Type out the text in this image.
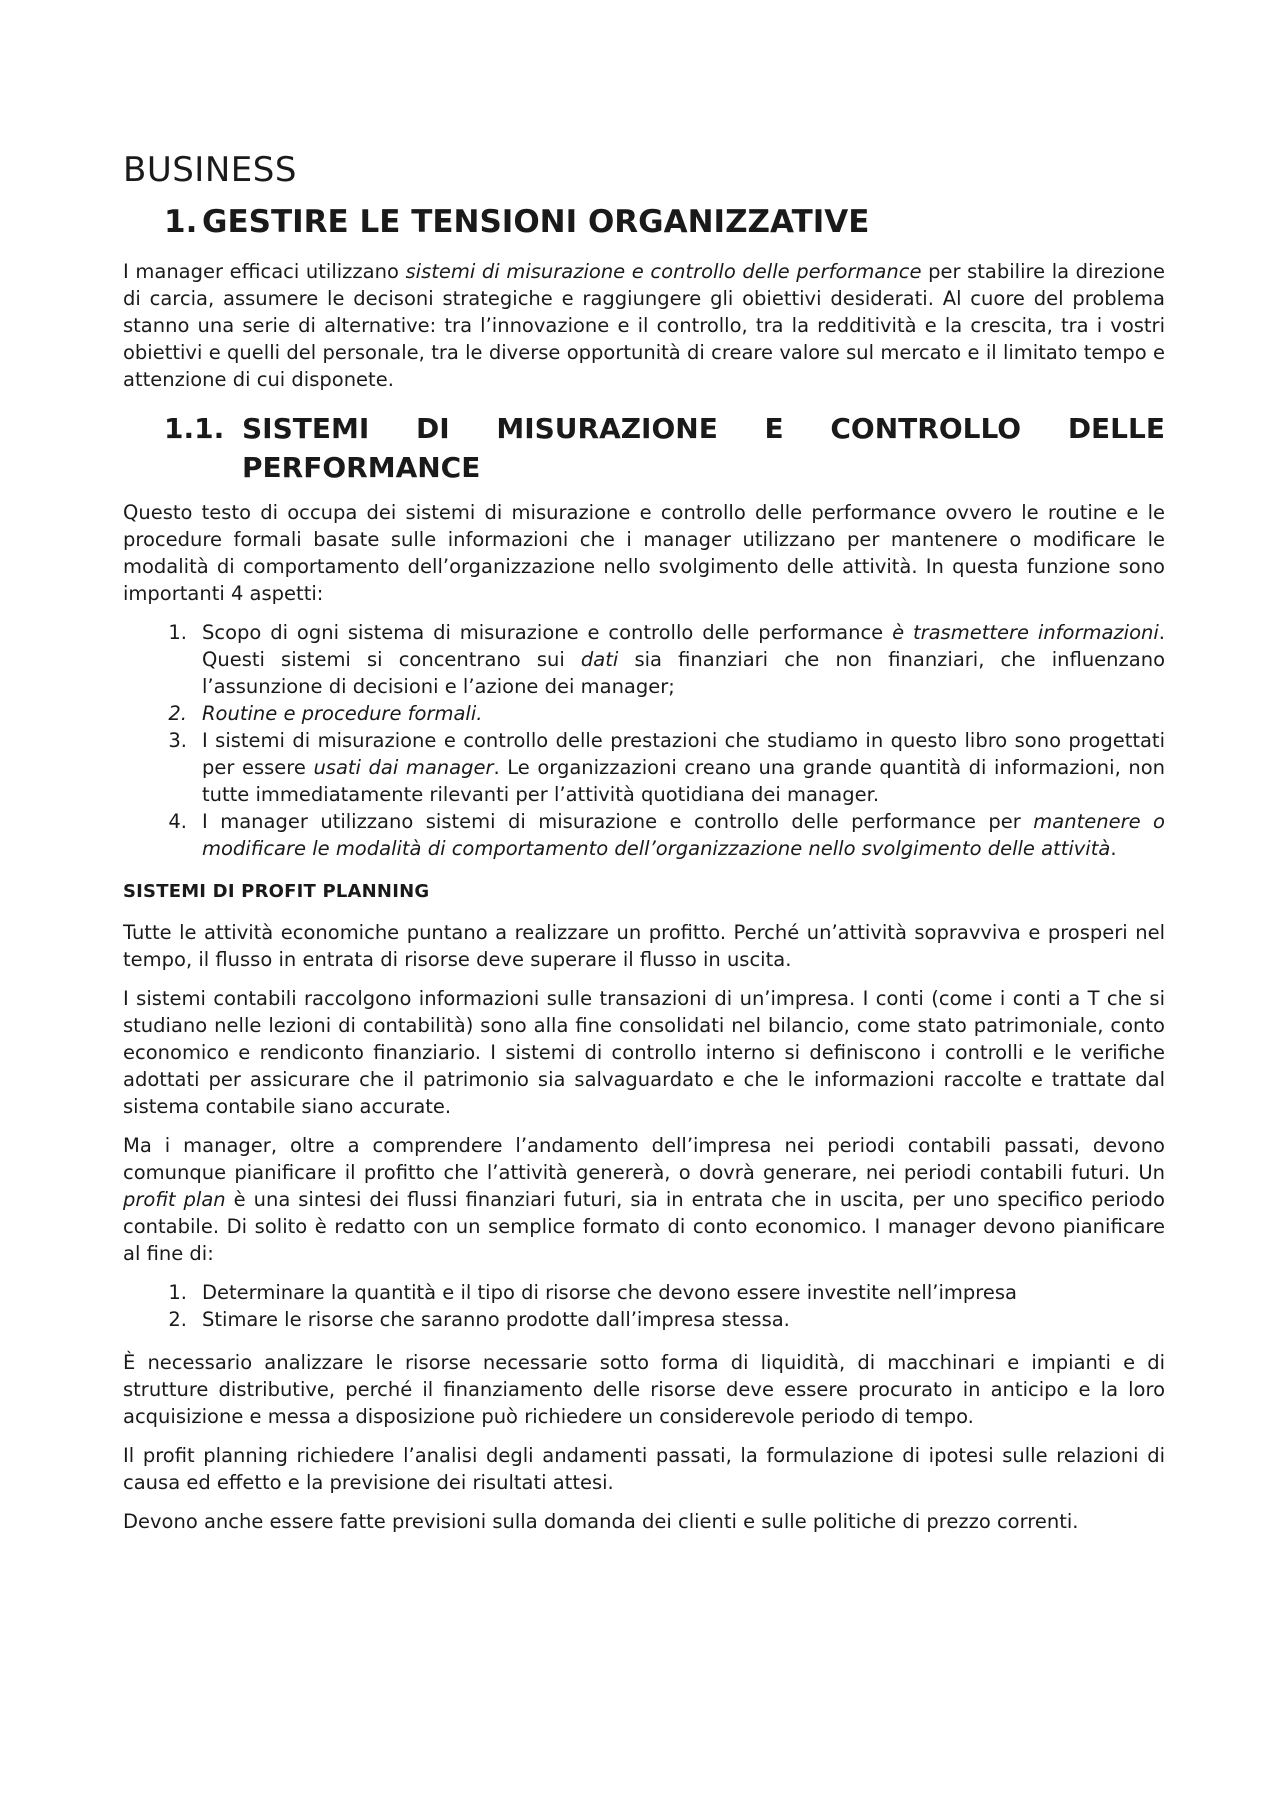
BUSINESS
1. GESTIRE LE TENSIONI ORGANIZZATIVE

I manager efficaci utilizzano sistemi di misurazione e controllo delle performance per stabilire la direzione di carcia, assumere le decisoni strategiche e raggiungere gli obiettivi desiderati. Al cuore del problema stanno una serie di alternative: tra l’innovazione e il controllo, tra la redditività e la crescita, tra i vostri obiettivi e quelli del personale, tra le diverse opportunità di creare valore sul mercato e il limitato tempo e attenzione di cui disponete.

1.1. SISTEMI DI MISURAZIONE E CONTROLLO DELLE
PERFORMANCE

Questo testo di occupa dei sistemi di misurazione e controllo delle performance ovvero le routine e le procedure formali basate sulle informazioni che i manager utilizzano per mantenere o modificare le modalità di comportamento dell’organizzazione nello svolgimento delle attività. In questa funzione sono importanti 4 aspetti:

1. Scopo di ogni sistema di misurazione e controllo delle performance è trasmettere informazioni. Questi sistemi si concentrano sui dati sia finanziari che non finanziari, che influenzano l’assunzione di decisioni e l’azione dei manager;
2. Routine e procedure formali.
3. I sistemi di misurazione e controllo delle prestazioni che studiamo in questo libro sono progettati per essere usati dai manager. Le organizzazioni creano una grande quantità di informazioni, non tutte immediatamente rilevanti per l’attività quotidiana dei manager.
4. I manager utilizzano sistemi di misurazione e controllo delle performance per mantenere o modificare le modalità di comportamento dell’organizzazione nello svolgimento delle attività.
SISTEMI DI PROFIT PLANNING

Tutte le attività economiche puntano a realizzare un profitto. Perché un’attività sopravviva e prosperi nel tempo, il flusso in entrata di risorse deve superare il flusso in uscita.

I sistemi contabili raccolgono informazioni sulle transazioni di un’impresa. I conti (come i conti a T che si studiano nelle lezioni di contabilità) sono alla fine consolidati nel bilancio, come stato patrimoniale, conto economico e rendiconto finanziario. I sistemi di controllo interno si definiscono i controlli e le verifiche adottati per assicurare che il patrimonio sia salvaguardato e che le informazioni raccolte e trattate dal sistema contabile siano accurate.

Ma i manager, oltre a comprendere l’andamento dell’impresa nei periodi contabili passati, devono comunque pianificare il profitto che l’attività genererà, o dovrà generare, nei periodi contabili futuri. Un profit plan è una sintesi dei flussi finanziari futuri, sia in entrata che in uscita, per uno specifico periodo contabile. Di solito è redatto con un semplice formato di conto economico. I manager devono pianificare al fine di:

1. Determinare la quantità e il tipo di risorse che devono essere investite nell’impresa
2. Stimare le risorse che saranno prodotte dall’impresa stessa.

È necessario analizzare le risorse necessarie sotto forma di liquidità, di macchinari e impianti e di strutture distributive, perché il finanziamento delle risorse deve essere procurato in anticipo e la loro acquisizione e messa a disposizione può richiedere un considerevole periodo di tempo.

Il profit planning richiedere l’analisi degli andamenti passati, la formulazione di ipotesi sulle relazioni di causa ed effetto e la previsione dei risultati attesi.

Devono anche essere fatte previsioni sulla domanda dei clienti e sulle politiche di prezzo correnti.
